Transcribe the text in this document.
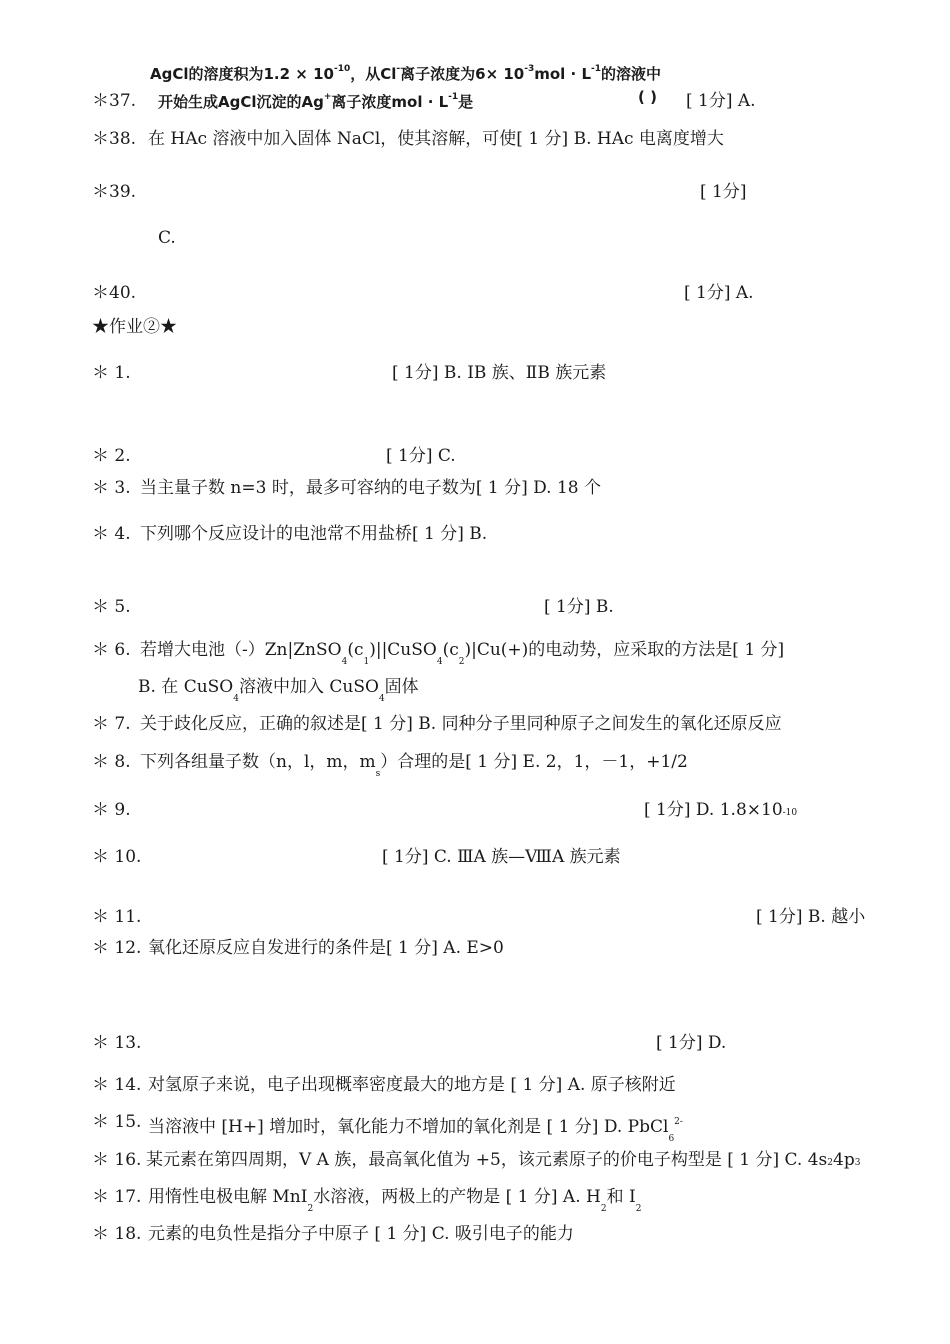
AgCl的溶度积为$1.2 \times 10^{-10}$，从Cl-离子浓度为$6\times 10^{-3}mol \cdot L^{-1}$的溶液中
开始生成AgCl沉淀的Ag+离子浓度mol · $L^{-1}$是	( )
＊37.	[ 1分] A.
＊38. 在 HAc 溶液中加入固体 NaCl，使其溶解，可使[ 1 分] B. HAc 电离度增大
＊39.	[ 1分]
C.
＊40.	[ 1分] A.
★作业②★
＊ 1.	[ 1分] B. ⅠB 族、ⅡB 族元素
＊ 2.	[ 1分] C.
＊ 3. 当主量子数 n=3 时，最多可容纳的电子数为[ 1 分] D. 18 个
＊ 4. 下列哪个反应设计的电池常不用盐桥[ 1 分] B.
＊ 5.	[ 1分] B.
＊ 6. 若增大电池$(-)Zn|ZnSO_4(c_1)||CuSO_4(c_2)|Cu(+)$的电动势，应采取的方法是[ 1 分]
B. 在 CuSO$_4$溶液中加入 CuSO$_4$固体
＊ 7. 关于歧化反应，正确的叙述是[ 1 分] B. 同种分子里同种原子之间发生的氧化还原反应
＊ 8. 下列各组量子数（n，l，m，$m_s$）合理的是[ 1 分] E. 2，1，－1，+1/2
＊ 9.	[ 1分] D. 1.8×10-10
＊ 10.	[ 1分] C. ⅢA 族—ⅧA 族元素
＊ 11.	[ 1分] B. 越小
＊ 12. 氧化还原反应自发进行的条件是[ 1 分] A. E>0
＊ 13.	[ 1分] D.
＊ 14. 对氢原子来说，电子出现概率密度最大的地方是 [ 1 分] A. 原子核附近
＊ 15. 当溶液中 [H+] 增加时，氧化能力不增加的氧化剂是 [ 1 分] D. PbCl$_6^{2-}$
＊ 16. 某元素在第四周期，Ⅴ A 族，最高氧化值为 +5，该元素原子的价电子构型是 [ 1 分] C. 4s24p3
＊ 17. 用惰性电极电解 MnI$_2$水溶液，两极上的产物是 [ 1 分] A. $H_2$和 $I_2$
＊ 18. 元素的电负性是指分子中原子 [ 1 分] C. 吸引电子的能力
